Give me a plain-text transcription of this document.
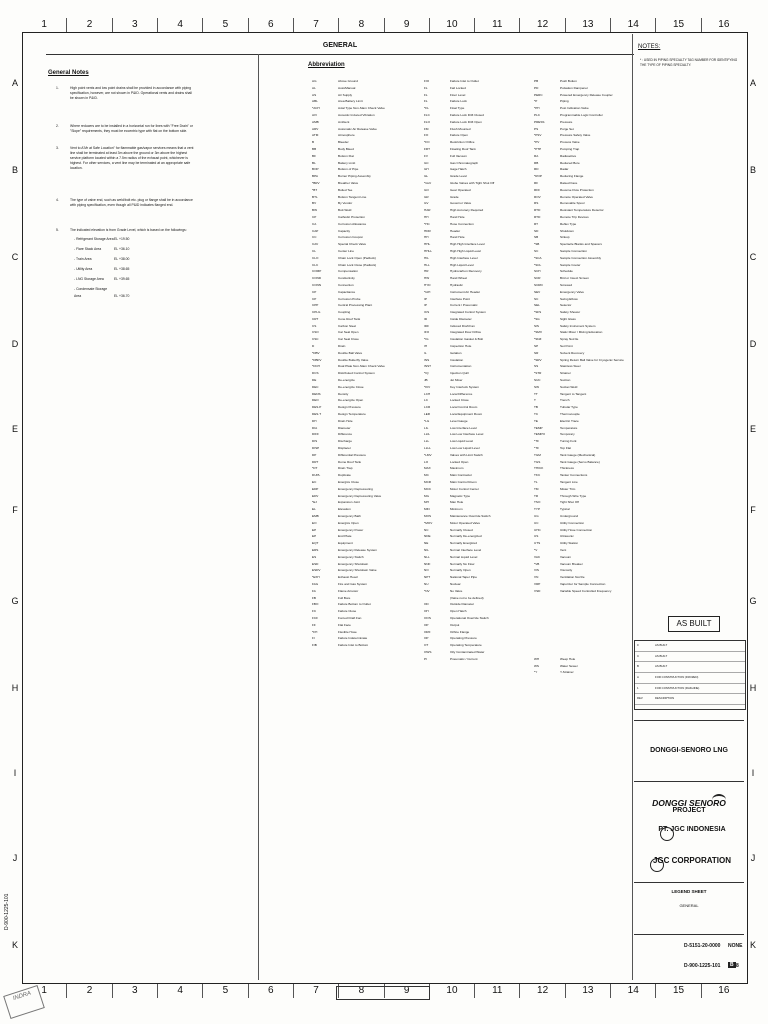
1	2	3	4	5	6	7	8	9	10	11	12	13	14	15	16
1	2	3	4	5	6	7	8	9	10	11	12	13	14	15	16
A
B
C
D
E
F
G
H
I
J
K
A
B
C
D
E
F
G
H
I
J
K
GENERAL
General Notes
1.	High point vents and low point drains shall be provided in accordance with piping specification, however, are not shown in P&ID. Operational vents and drains shall be shown in P&ID.
2.	Where reducers are to be installed in a horizontal run for lines with "Free Drain" or "Slope" requirements, they must be eccentric type with flat on the bottom side.
3.	Vent to A'Mr at Safe Location" for flammable gas/vapor services means that a vent line shall be terminated at least 3m above the ground or 3m above the highest service platform located within a 7.5m radius of the exhaust point, whichever is highest. For other services, a vent line may be terminated at an appropriate safe location.
4.	The type of valve end, such as weld/bolt etc. plug or flange shall be in accordance with piping specification, even though all P&ID indicates flanged end.
5.	The indicated elevation is from Grade Level, which is based on the followings:
- Refrigerant Storage AreaEL +19.50
- Flare Stack Area	EL +36.10
- Train Area	EL +38.00
- Utility Area	EL +38.65
- LNG Storage Area	EL +39.65
- Condensate Storage Area	EL +36.70
Abbreviation
AG	Above Ground
AL	Auto/Manual
AS	Air Supply
ABL	Area Battery Limit
*ACH	Axial Type Non-Slam Check Valve
AVI	Acoustic Induced Vibration
AMB	Ambient
ARV	Automatic Air Release Valve
ATM	Atmosphere
B	Bleeder
BB	Body Bleed
BF	Bottom Flat
BL	Battery Limit
BOP	Bottom of Pipe
BPA	Burner Piping Assembly
*BRV	Breather Valve
*BT	Boiled Tee
BTL	Bottom Tangent Line
BV	By Vendor
BW	Butt Weld
CP	Cathodic Protection
CA	Corrosion Allowance
CAP	Capacity
CC	Corrosion Coupon
CAV	Special Check Valve
CL	Center Line
CLO	Chain Lock Open (Padlock)
CLC	Chain Lock Close (Padlock)
COMP	Compensation
COND	Conductivity
CONN	Connection
CP	Capacitance
CP	Corrosion Probe
CPP	Central Processing Plant
CPLG	Coupling
CRT	Cone Roof Tank
CS	Carbon Steel
CSO	Car Seal Open
CSC	Car Seal Close
D	Drain
*DBV	Double Ball Valve
*DBFV	Double Butterfly Valve
*DCH	Dual Plate Non-Slam Check Valve
DCS	Distributed Control System
DE	De-energize
DEC	De-energize Close
DENS	Density
DEO	De-energize Open
DES.P	Design Pressure
DES.T	Design Temperature
DH	Drain Hole
DIA	Diameter
DIFF	Difference
DIS	Discharge
DISP	Displacer
DP	Differential Pressure
DRT	Dome Roof Tank
*DT	Drain Trap
DUPL	Duplicate
EC	Energize Close
EDP	Emergency Depressuring
EDV	Emergency Depressuring Valve
*EJ	Expansion Joint
EL	Elevation
EMB	Emergency Bath
EO	Energize Open
EP	Emergency Power
EP	End Plate
EQT	Equipment
ERS	Emergency Release System
ES	Emergency Switch
ESD	Emergency Shutdown
ESDV	Emergency Shutdown Valve
*EXH	Exhaust Head
FAG	Fire and Gas System
FA	Flame Arrestor
FB	Full Bore
FBO	Failure Bottom to Outlet
FC	Failure Close
FCF	Forced Draft Fan
FF	Flat Face
*FH	Flexible Hose
FI	Failure Indeterminate
FIB	Failure Inlet to Bottom
FIO	Failure Inlet to Outlet
FL	Fail Locked
FL	Floor Level
FL	Failure Lock
*FL	Float Type
FLC	Failure Lock Drift Closed
FLO	Failure Lock Drift Open
FM	Flush Mounted
FO	Failure Open
*FO	Restriction Orifice
FRT	Floating Roof Tank
FV	Full Vacuum
GC	Gas Chromatograph
GH	Gage Hatch
GL	Grade Level
*GLV	Globe Valves with Tight Shut Off
GO	Gear Operated
GR	Grade
GV	Governor Valve
HAR	High Accuracy Required
HH	Hand Hole
*HC	Hose Connection
HDR	Header
HH	Hand Hole
HHL	High High Interface Level
HHLL	High High Liquid Level
HIL	High Interface Level
HLL	High Liquid Level
HR	Hydrocarbon Recovery
HW	Hand Wheel
HYD	Hydraulic
*IAH	Instrument Air Header
IP	Interface Point
IP	Current / Pneumatic
ICS	Integrated Control System
ID	Inside Diameter
IDF	Induced Draft Fan
IFO	Integrated Flow Orifice
*IG	Insulation Gasket & Bolt
IH	Inspection Hole
IL	Isolation
INS	Insulation
INST	Instrumentation
*IQ	Injection Quill
JB	Jet Mixer
*KIV	Key Interlock System
LCH	Local Difference
LC	Locked Close
LCR	Local Control Room
LER	Local Equipment Room
*LG	Level Gauge
LIL	Low Interface Level
LLIL	Low Low Interface Level
LLL	Low Liquid Level
LLLL	Low Low Liquid Level
*LMV	Valves with Limit Switch
LO	Locked Open
MAX	Maximum
MC	Main Contractor
MCR	Main Control Room
MCC	Motor Control Center
MG	Magnetic Type
MH	Man Hole
MIN	Minimum
MOS	Maintenance Override Switch
*MOV	Motor Operated Valve
NC	Normally Closed
NDE	Normally De-energized
NE	Normally Energized
NIL	Normal Interface Level
NLL	Normal Liquid Level
NNF	Normally No Flow
NO	Normally Open
NPT	National Taper Pipe
NU	Nuclear
*NV	No Valve
(Valve not to be defined)
OD	Outside Diameter
OH	Open Hatch
OOS	Operational Override Switch
OP	Output
ORF	Orifice Flange
OP	Operating Pressure
OT	Operating Temperature
OWS	Oily Contaminated Water
PI	Pneumatic / Current
PB	Push Button
PD	Pulsation Dampener
PERC	Powered Emergency Release Coupler
*P	Piping
*PH	Post Indication Valve
PLC	Programmable Logic Controller
PRESS	Pressure
PS	Purge Set
*PSV	Pressure Safety Valve
*PV	Process Valve
*PTP	Pumping Trap
RA	Radioactive
RB	Reduced Bore
RD	Radar
*ROP	Reducing Flange
RF	Raised Face
RFF	Reverse Flow Protection
ROV	Remote Operated Valve
RS	Removable Spool
RTD	Resistant Temperature Detector
RTD	Remote Trip Devices
RT	Reflex Type
SD	Shutdown
SB	Sinkup
*SB	Spectacle Blanks and Spacers
SC	Sample Connection
*SCA	Sample Connection Assembly
*SCL	Sample Cooler
SCH	Schedule
SCR	Bird or Insect Screen
SCRD	Screwed
SEV	Emergency Valve
SC	Swing Elbow
SEL	Selector
*SFS	Safety Shower
*SG	Sight Glass
SIS	Safety Instrument System
*SMX	Static Mixer / Mixing Education
*SNZ	Spray Nozzle
SP	Set Point
SR	Solvent Recovery
*SRV	Spring Return Ball Valve for Cryogenic Service
SS	Stainless Steel
*STR	Strainer
SUC	Suction
SW	Socket Weld
TT	Tangent to Tangent
T	Trench
TB	Tubular Type
TC	Thermocouple
TE	Electric Trace
TEMP	Temperature
TEMPO	Temporary
*TF	Tuning Fork
*TF	Top Flat
TGM	Tank Gauge (Mechanical)
TGS	Tank Gauge (Servo Balance)
THICK	Thickness
TKC	Tanker Connections
TL	Tangent Line
TM	Mister Trim
TR	Through Wire Type
TSO	Tight Shut Off
TYP	Typical
UG	Underground
UC	Utility Connection
UHC	Utility Hose Connection
US	Ultrasonic
UTS	Utility Station
*V	Vent
VAC	Vacuum
*VB	Vacuum Breaker
VIS	Viscosity
VN	Ventilation Nozzle
VRP	Vaporizer for Sample Connection
VSD	Variable Speed Controlled Frequency
WH	Weep Hole
WS	Water Sewer
*Y	Y-Strainer
NOTES:
* : USED IN PIPING SPECIALTY TAG NUMBER FOR IDENTIFYING THE TYPE OF PIPING SPECIALTY.
AS BUILT
0	AS BUILT
C	AS BUILT
B	AS BUILT
A	FOR CONSTRUCTION (FROZEN)
1	FOR CONSTRUCTION (RAKHINE)
REV	DESCRIPTION
DONGGI-SENORO LNG PROJECT
DONGGI SENORO
PT. JGC INDONESIA
JGC CORPORATION
LEGEND SHEET
GENERAL
D-5151-20-0000 NONE
D-900-1225-101	B 8
D-900-1225-101
INDRA
